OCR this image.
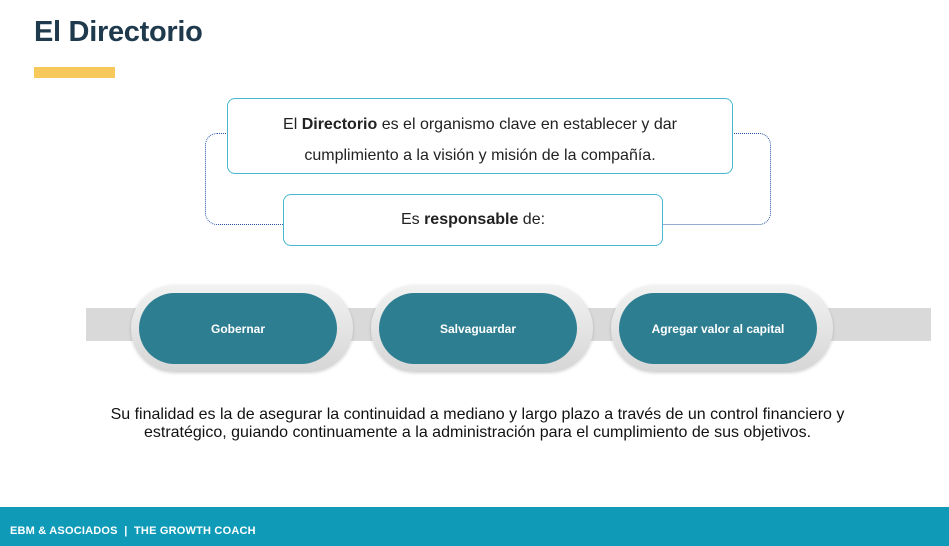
El Directorio
El Directorio es el organismo clave en establecer y dar cumplimiento a la visión y misión de la compañía.
Es responsable de:
Gobernar	Salvaguardar	Agregar valor al capital
Su finalidad es la de asegurar la continuidad a mediano y largo plazo a través de un control financiero y estratégico, guiando continuamente a la administración para el cumplimiento de sus objetivos.
EBM & ASOCIADOS  |  THE GROWTH COACH
